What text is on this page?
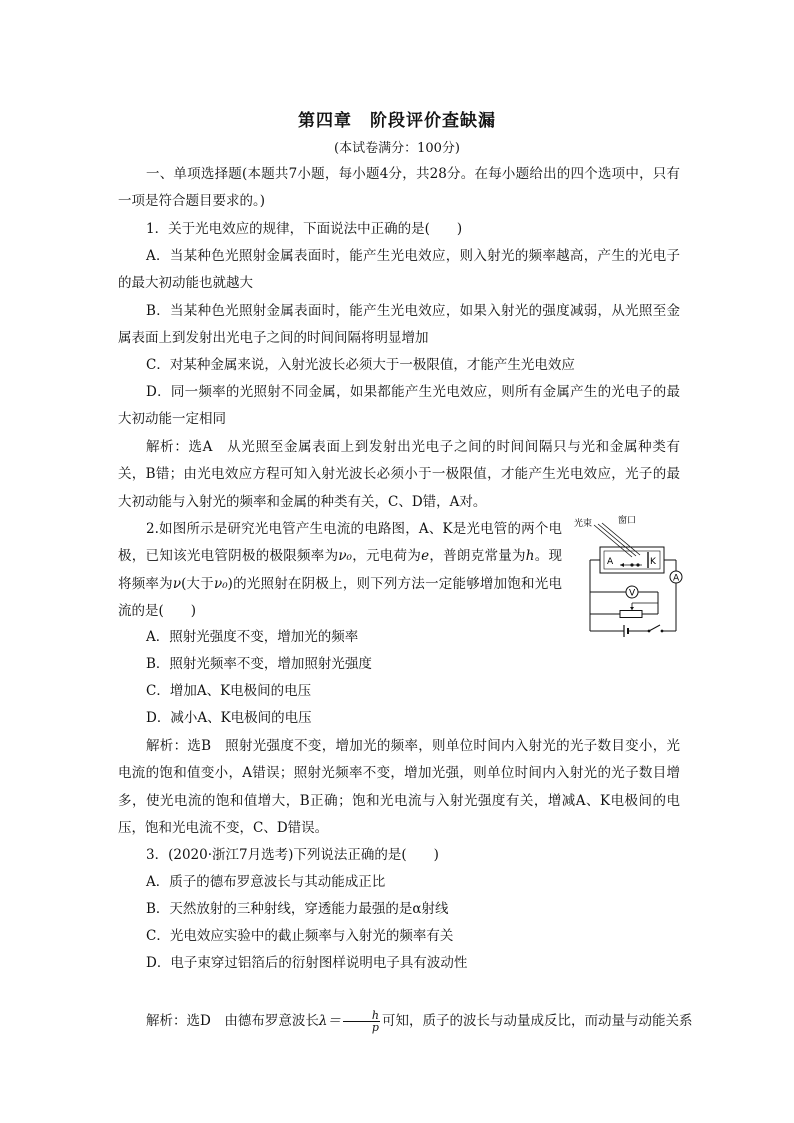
第四章　阶段评价查缺漏
(本试卷满分：100分)
一、单项选择题(本题共7小题，每小题4分，共28分。在每小题给出的四个选项中，只有一项是符合题目要求的。)
1．关于光电效应的规律，下面说法中正确的是(　　)
A．当某种色光照射金属表面时，能产生光电效应，则入射光的频率越高，产生的光电子的最大初动能也就越大
B．当某种色光照射金属表面时，能产生光电效应，如果入射光的强度减弱，从光照至金属表面上到发射出光电子之间的时间间隔将明显增加
C．对某种金属来说，入射光波长必须大于一极限值，才能产生光电效应
D．同一频率的光照射不同金属，如果都能产生光电效应，则所有金属产生的光电子的最大初动能一定相同
解析：选A　从光照至金属表面上到发射出光电子之间的时间间隔只与光和金属种类有关，B错；由光电效应方程可知入射光波长必须小于一极限值，才能产生光电效应，光子的最大初动能与入射光的频率和金属的种类有关，C、D错，A对。
2.如图所示是研究光电管产生电流的电路图，A、K是光电管的两个电极，已知该光电管阴极的极限频率为ν₀，元电荷为e，普朗克常量为h。现将频率为ν(大于ν₀)的光照射在阴极上，则下列方法一定能够增加饱和光电流的是(　　)
光束	窗口
A	K
A
V
A．照射光强度不变，增加光的频率
B．照射光频率不变，增加照射光强度
C．增加A、K电极间的电压
D．减小A、K电极间的电压
解析：选B　照射光强度不变，增加光的频率，则单位时间内入射光的光子数目变小，光电流的饱和值变小，A错误；照射光频率不变，增加光强，则单位时间内入射光的光子数目增多，使光电流的饱和值增大，B正确；饱和光电流与入射光强度有关，增减A、K电极间的电压，饱和光电流不变，C、D错误。
3．(2020·浙江7月选考)下列说法正确的是(　　)
A．质子的德布罗意波长与其动能成正比
B．天然放射的三种射线，穿透能力最强的是α射线
C．光电效应实验中的截止频率与入射光的频率有关
D．电子束穿过铝箔后的衍射图样说明电子具有波动性
解析：选D　由德布罗意波长$\lambda= \frac{h}{p}$ 可知，质子的波长与动量成反比，而动量与动能关系
